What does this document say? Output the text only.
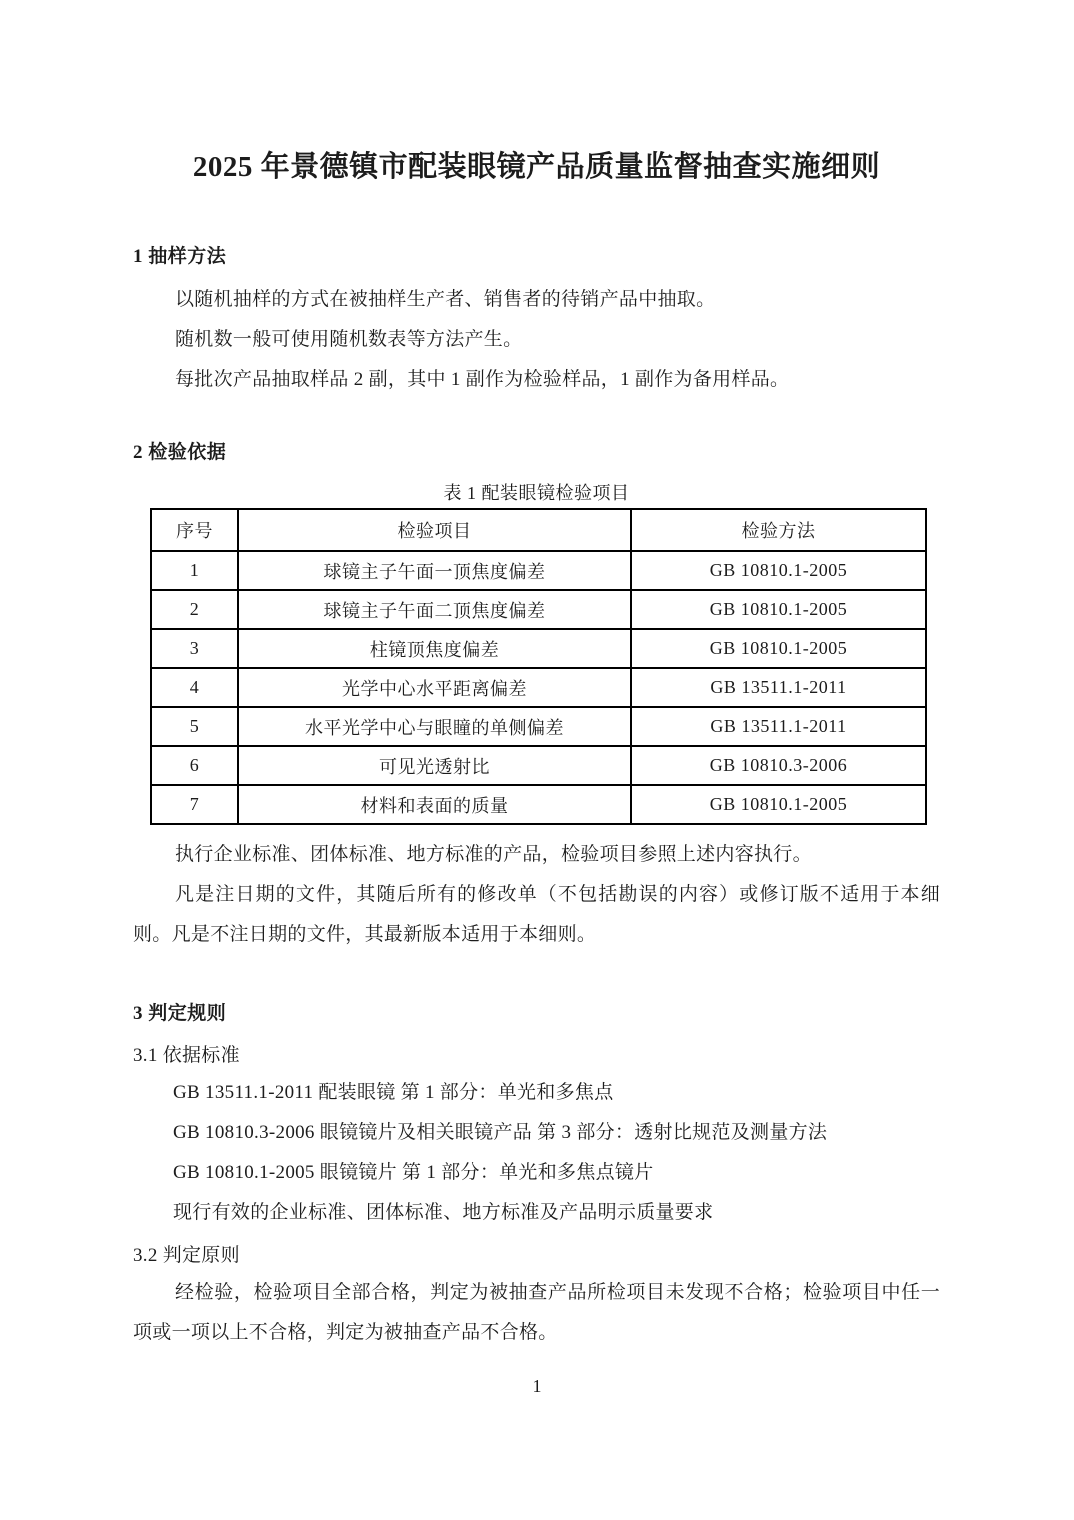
2025 年景德镇市配装眼镜产品质量监督抽查实施细则
1 抽样方法

以随机抽样的方式在被抽样生产者、销售者的待销产品中抽取。

随机数一般可使用随机数表等方法产生。

每批次产品抽取样品 2 副，其中 1 副作为检验样品，1 副作为备用样品。

2 检验依据
表 1 配装眼镜检验项目
序号	检验项目	检验方法
1	球镜主子午面一顶焦度偏差	GB 10810.1-2005
2	球镜主子午面二顶焦度偏差	GB 10810.1-2005
3	柱镜顶焦度偏差	GB 10810.1-2005
4	光学中心水平距离偏差	GB 13511.1-2011
5	水平光学中心与眼瞳的单侧偏差	GB 13511.1-2011
6	可见光透射比	GB 10810.3-2006
7	材料和表面的质量	GB 10810.1-2005

执行企业标准、团体标准、地方标准的产品，检验项目参照上述内容执行。

凡是注日期的文件，其随后所有的修改单（不包括勘误的内容）或修订版不适用于本细则。凡是不注日期的文件，其最新版本适用于本细则。

3 判定规则
3.1 依据标准

GB 13511.1-2011 配装眼镜 第 1 部分：单光和多焦点

GB 10810.3-2006 眼镜镜片及相关眼镜产品 第 3 部分：透射比规范及测量方法

GB 10810.1-2005 眼镜镜片 第 1 部分：单光和多焦点镜片

现行有效的企业标准、团体标准、地方标准及产品明示质量要求

3.2 判定原则

经检验，检验项目全部合格，判定为被抽查产品所检项目未发现不合格；检验项目中任一项或一项以上不合格，判定为被抽查产品不合格。

1
